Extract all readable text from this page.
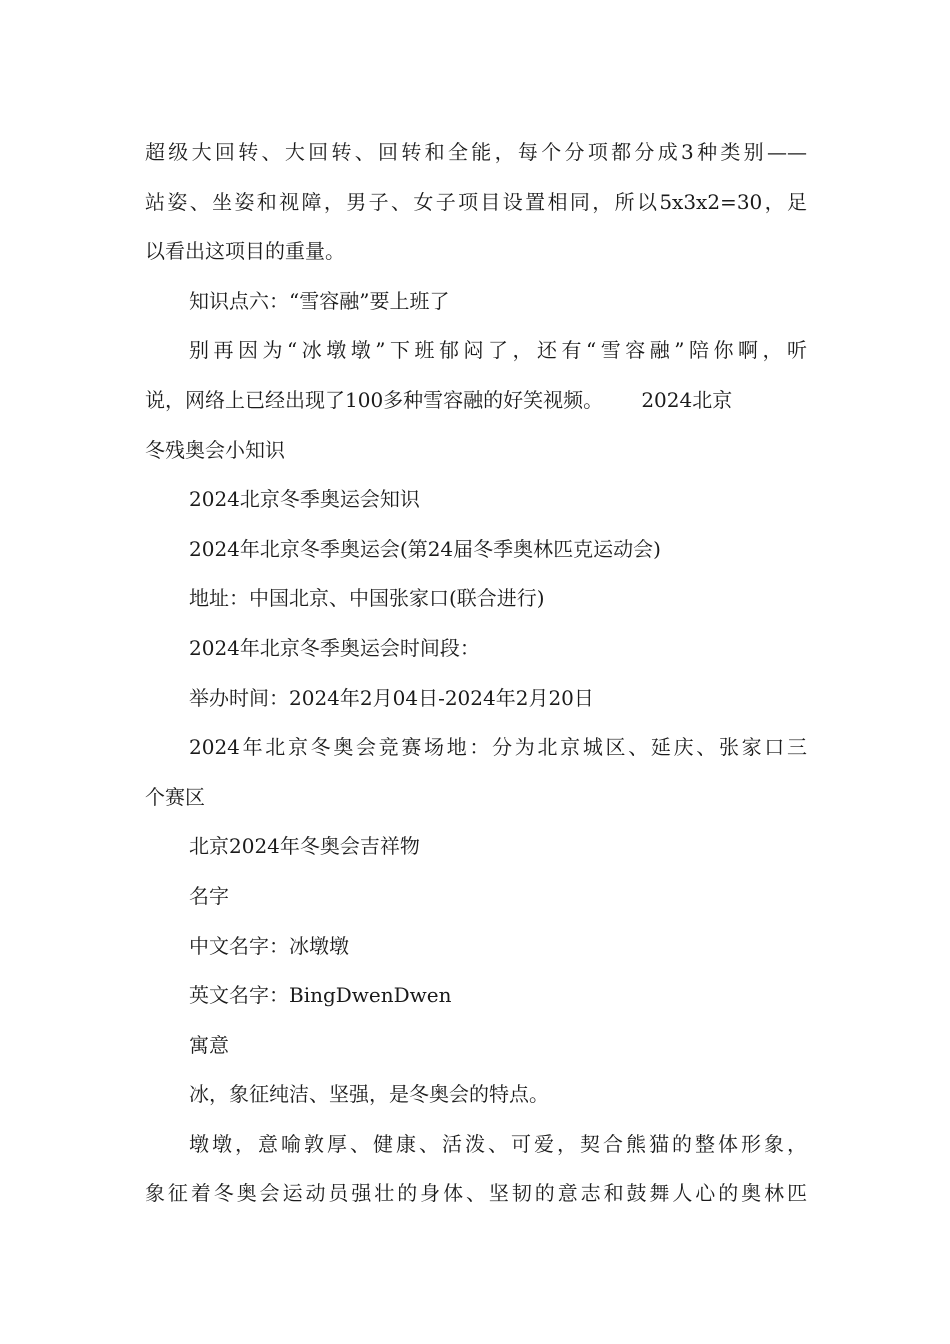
超级大回转、大回转、回转和全能，每个分项都分成3种类别——
站姿、坐姿和视障，男子、女子项目设置相同，所以5x3x2=30，足
以看出这项目的重量。
知识点六：“雪容融”要上班了
别再因为“冰墩墩”下班郁闷了，还有“雪容融”陪你啊，听
说，网络上已经出现了100多种雪容融的好笑视频。      2024北京
冬残奥会小知识
2024北京冬季奥运会知识
2024年北京冬季奥运会(第24届冬季奥林匹克运动会)
地址：中国北京、中国张家口(联合进行)
2024年北京冬季奥运会时间段：
举办时间：2024年2月04日-2024年2月20日
2024年北京冬奥会竞赛场地：分为北京城区、延庆、张家口三
个赛区
北京2024年冬奥会吉祥物
名字
中文名字：冰墩墩
英文名字：BingDwenDwen
寓意
冰，象征纯洁、坚强，是冬奥会的特点。
墩墩，意喻敦厚、健康、活泼、可爱，契合熊猫的整体形象，
象征着冬奥会运动员强壮的身体、坚韧的意志和鼓舞人心的奥林匹
